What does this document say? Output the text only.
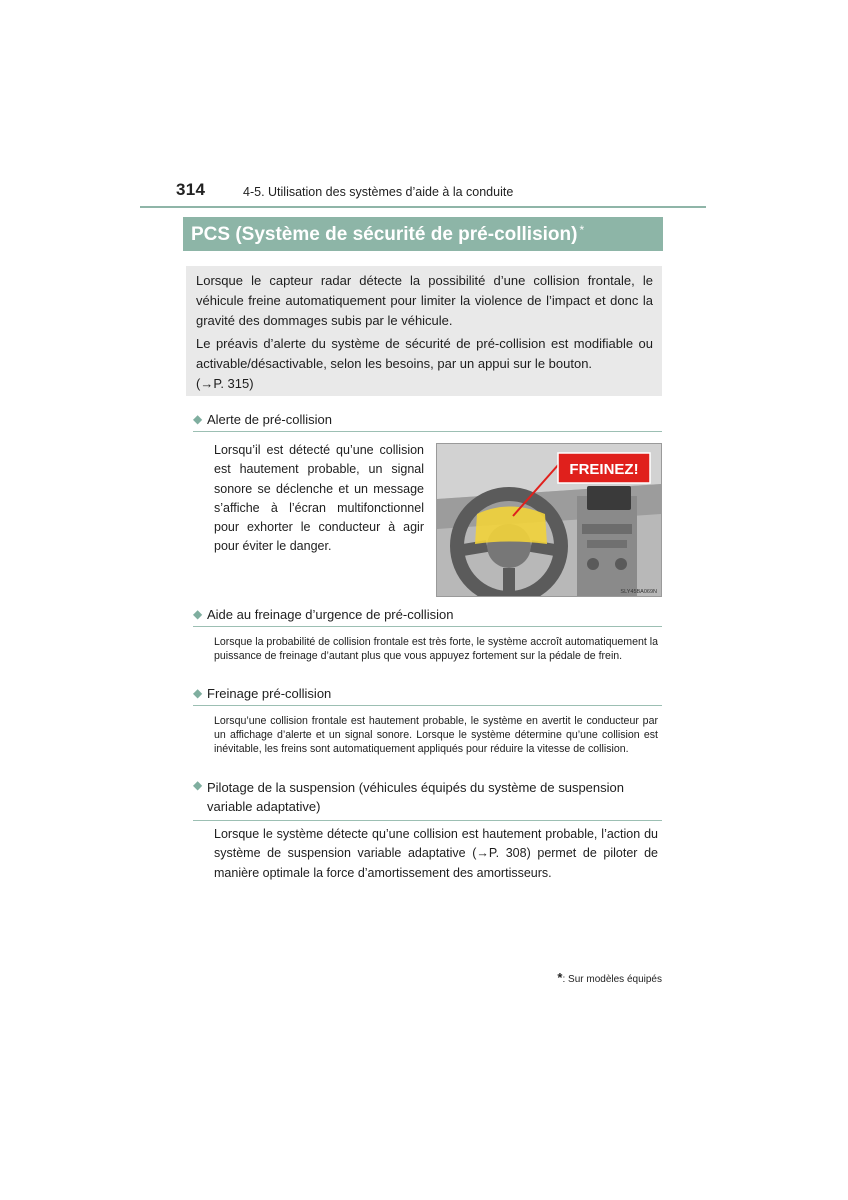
314	4-5. Utilisation des systèmes d’aide à la conduite
PCS (Système de sécurité de pré-collision) *

Lorsque le capteur radar détecte la possibilité d’une collision frontale, le véhicule freine automatiquement pour limiter la violence de l’impact et donc la gravité des dommages subis par le véhicule.

Le préavis d’alerte du système de sécurité de pré-collision est modifiable ou activable/désactivable, selon les besoins, par un appui sur le bouton.
(→P. 315)

◆ Alerte de pré-collision
Lorsqu’il est détecté qu’une collision est hautement probable, un signal sonore se déclenche et un message s’affiche à l’écran multifonctionnel pour exhorter le conducteur à agir pour éviter le danger.
FREINEZ!
SLY45BA069N
◆ Aide au freinage d’urgence de pré-collision
Lorsque la probabilité de collision frontale est très forte, le système accroît automatiquement la puissance de freinage d’autant plus que vous appuyez fortement sur la pédale de frein.
◆ Freinage pré-collision
Lorsqu’une collision frontale est hautement probable, le système en avertit le conducteur par un affichage d’alerte et un signal sonore. Lorsque le système détermine qu’une collision est inévitable, les freins sont automatiquement appliqués pour réduire la vitesse de collision.
◆ Pilotage de la suspension (véhicules équipés du système de suspension variable adaptative)
Lorsque le système détecte qu’une collision est hautement probable, l’action du système de suspension variable adaptative (→P. 308) permet de piloter de manière optimale la force d’amortissement des amortisseurs.
*: Sur modèles équipés
